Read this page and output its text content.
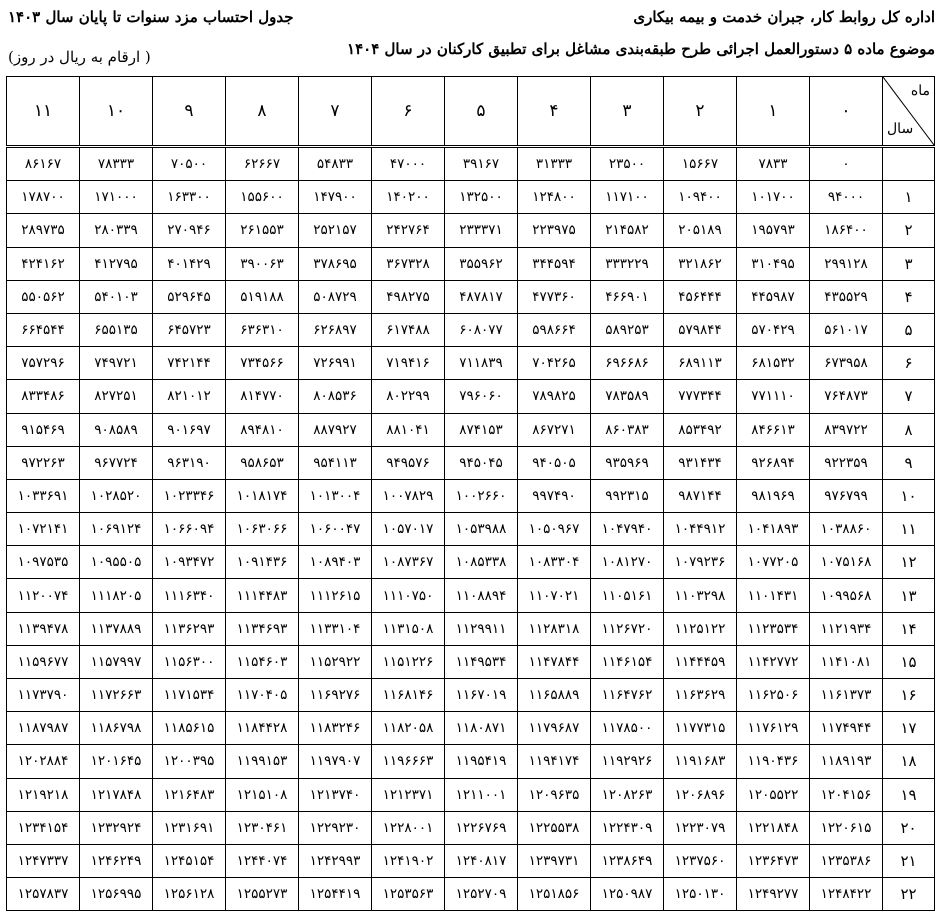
اداره کل روابط کار، جبران خدمت و بیمه بیکاری
جدول احتساب مزد سنوات تا پایان سال ۱۴۰۳
موضوع ماده ۵ دستورالعمل اجرائی طرح طبقه‌بندی مشاغل برای تطبیق کارکنان در سال ۱۴۰۴
( ارقام به ریال در روز)
ماه
سال	۰	۱	۲	۳	۴	۵	۶	۷	۸	۹	۱۰	۱۱
	۰	۷۸۳۳	۱۵۶۶۷	۲۳۵۰۰	۳۱۳۳۳	۳۹۱۶۷	۴۷۰۰۰	۵۴۸۳۳	۶۲۶۶۷	۷۰۵۰۰	۷۸۳۳۳	۸۶۱۶۷
۱	۹۴۰۰۰	۱۰۱۷۰۰	۱۰۹۴۰۰	۱۱۷۱۰۰	۱۲۴۸۰۰	۱۳۲۵۰۰	۱۴۰۲۰۰	۱۴۷۹۰۰	۱۵۵۶۰۰	۱۶۳۳۰۰	۱۷۱۰۰۰	۱۷۸۷۰۰
۲	۱۸۶۴۰۰	۱۹۵۷۹۳	۲۰۵۱۸۹	۲۱۴۵۸۲	۲۲۳۹۷۵	۲۳۳۳۷۱	۲۴۲۷۶۴	۲۵۲۱۵۷	۲۶۱۵۵۳	۲۷۰۹۴۶	۲۸۰۳۳۹	۲۸۹۷۳۵
۳	۲۹۹۱۲۸	۳۱۰۴۹۵	۳۲۱۸۶۲	۳۳۳۲۲۹	۳۴۴۵۹۴	۳۵۵۹۶۲	۳۶۷۳۲۸	۳۷۸۶۹۵	۳۹۰۰۶۳	۴۰۱۴۲۹	۴۱۲۷۹۵	۴۲۴۱۶۲
۴	۴۳۵۵۲۹	۴۴۵۹۸۷	۴۵۶۴۴۴	۴۶۶۹۰۱	۴۷۷۳۶۰	۴۸۷۸۱۷	۴۹۸۲۷۵	۵۰۸۷۲۹	۵۱۹۱۸۸	۵۲۹۶۴۵	۵۴۰۱۰۳	۵۵۰۵۶۲
۵	۵۶۱۰۱۷	۵۷۰۴۲۹	۵۷۹۸۴۴	۵۸۹۲۵۳	۵۹۸۶۶۴	۶۰۸۰۷۷	۶۱۷۴۸۸	۶۲۶۸۹۷	۶۳۶۳۱۰	۶۴۵۷۲۳	۶۵۵۱۳۵	۶۶۴۵۴۴
۶	۶۷۳۹۵۸	۶۸۱۵۳۲	۶۸۹۱۱۳	۶۹۶۶۸۶	۷۰۴۲۶۵	۷۱۱۸۳۹	۷۱۹۴۱۶	۷۲۶۹۹۱	۷۳۴۵۶۶	۷۴۲۱۴۴	۷۴۹۷۲۱	۷۵۷۲۹۶
۷	۷۶۴۸۷۳	۷۷۱۱۱۰	۷۷۷۳۴۴	۷۸۳۵۸۹	۷۸۹۸۲۵	۷۹۶۰۶۰	۸۰۲۲۹۹	۸۰۸۵۳۶	۸۱۴۷۷۰	۸۲۱۰۱۲	۸۲۷۲۵۱	۸۳۳۴۸۶
۸	۸۳۹۷۲۲	۸۴۶۶۱۳	۸۵۳۴۹۲	۸۶۰۳۸۳	۸۶۷۲۷۱	۸۷۴۱۵۳	۸۸۱۰۴۱	۸۸۷۹۲۷	۸۹۴۸۱۰	۹۰۱۶۹۷	۹۰۸۵۸۹	۹۱۵۴۶۹
۹	۹۲۲۳۵۹	۹۲۶۸۹۴	۹۳۱۴۳۴	۹۳۵۹۶۹	۹۴۰۵۰۵	۹۴۵۰۴۵	۹۴۹۵۷۶	۹۵۴۱۱۳	۹۵۸۶۵۳	۹۶۳۱۹۰	۹۶۷۷۲۴	۹۷۲۲۶۳
۱۰	۹۷۶۷۹۹	۹۸۱۹۶۹	۹۸۷۱۴۴	۹۹۲۳۱۵	۹۹۷۴۹۰	۱۰۰۲۶۶۰	۱۰۰۷۸۲۹	۱۰۱۳۰۰۴	۱۰۱۸۱۷۴	۱۰۲۳۳۴۶	۱۰۲۸۵۲۰	۱۰۳۳۶۹۱
۱۱	۱۰۳۸۸۶۰	۱۰۴۱۸۹۳	۱۰۴۴۹۱۲	۱۰۴۷۹۴۰	۱۰۵۰۹۶۷	۱۰۵۳۹۸۸	۱۰۵۷۰۱۷	۱۰۶۰۰۴۷	۱۰۶۳۰۶۶	۱۰۶۶۰۹۴	۱۰۶۹۱۲۴	۱۰۷۲۱۴۱
۱۲	۱۰۷۵۱۶۸	۱۰۷۷۲۰۵	۱۰۷۹۲۳۶	۱۰۸۱۲۷۰	۱۰۸۳۳۰۴	۱۰۸۵۳۳۸	۱۰۸۷۳۶۷	۱۰۸۹۴۰۳	۱۰۹۱۴۳۶	۱۰۹۳۴۷۲	۱۰۹۵۵۰۵	۱۰۹۷۵۳۵
۱۳	۱۰۹۹۵۶۸	۱۱۰۱۴۳۱	۱۱۰۳۲۹۸	۱۱۰۵۱۶۱	۱۱۰۷۰۲۱	۱۱۰۸۸۹۴	۱۱۱۰۷۵۰	۱۱۱۲۶۱۵	۱۱۱۴۴۸۳	۱۱۱۶۳۴۰	۱۱۱۸۲۰۵	۱۱۲۰۰۷۴
۱۴	۱۱۲۱۹۳۴	۱۱۲۳۵۳۴	۱۱۲۵۱۲۲	۱۱۲۶۷۲۰	۱۱۲۸۳۱۸	۱۱۲۹۹۱۱	۱۱۳۱۵۰۸	۱۱۳۳۱۰۴	۱۱۳۴۶۹۳	۱۱۳۶۲۹۳	۱۱۳۷۸۸۹	۱۱۳۹۴۷۸
۱۵	۱۱۴۱۰۸۱	۱۱۴۲۷۷۲	۱۱۴۴۴۵۹	۱۱۴۶۱۵۴	۱۱۴۷۸۴۴	۱۱۴۹۵۳۴	۱۱۵۱۲۲۶	۱۱۵۲۹۲۲	۱۱۵۴۶۰۳	۱۱۵۶۳۰۰	۱۱۵۷۹۹۷	۱۱۵۹۶۷۷
۱۶	۱۱۶۱۳۷۳	۱۱۶۲۵۰۶	۱۱۶۳۶۲۹	۱۱۶۴۷۶۲	۱۱۶۵۸۸۹	۱۱۶۷۰۱۹	۱۱۶۸۱۴۶	۱۱۶۹۲۷۶	۱۱۷۰۴۰۵	۱۱۷۱۵۳۴	۱۱۷۲۶۶۳	۱۱۷۳۷۹۰
۱۷	۱۱۷۴۹۴۴	۱۱۷۶۱۲۹	۱۱۷۷۳۱۵	۱۱۷۸۵۰۰	۱۱۷۹۶۸۷	۱۱۸۰۸۷۱	۱۱۸۲۰۵۸	۱۱۸۳۲۴۶	۱۱۸۴۴۲۸	۱۱۸۵۶۱۵	۱۱۸۶۷۹۸	۱۱۸۷۹۸۷
۱۸	۱۱۸۹۱۹۳	۱۱۹۰۴۳۶	۱۱۹۱۶۸۳	۱۱۹۲۹۲۶	۱۱۹۴۱۷۴	۱۱۹۵۴۱۹	۱۱۹۶۶۶۳	۱۱۹۷۹۰۷	۱۱۹۹۱۵۳	۱۲۰۰۳۹۵	۱۲۰۱۶۴۵	۱۲۰۲۸۸۴
۱۹	۱۲۰۴۱۵۶	۱۲۰۵۵۲۲	۱۲۰۶۸۹۶	۱۲۰۸۲۶۳	۱۲۰۹۶۳۵	۱۲۱۱۰۰۱	۱۲۱۲۳۷۱	۱۲۱۳۷۴۰	۱۲۱۵۱۰۸	۱۲۱۶۴۸۳	۱۲۱۷۸۴۸	۱۲۱۹۲۱۸
۲۰	۱۲۲۰۶۱۵	۱۲۲۱۸۴۸	۱۲۲۳۰۷۹	۱۲۲۴۳۰۹	۱۲۲۵۵۳۸	۱۲۲۶۷۶۹	۱۲۲۸۰۰۱	۱۲۲۹۲۳۰	۱۲۳۰۴۶۱	۱۲۳۱۶۹۱	۱۲۳۲۹۲۴	۱۲۳۴۱۵۴
۲۱	۱۲۳۵۳۸۶	۱۲۳۶۴۷۳	۱۲۳۷۵۶۰	۱۲۳۸۶۴۹	۱۲۳۹۷۳۱	۱۲۴۰۸۱۷	۱۲۴۱۹۰۲	۱۲۴۲۹۹۳	۱۲۴۴۰۷۴	۱۲۴۵۱۵۴	۱۲۴۶۲۴۹	۱۲۴۷۳۳۷
۲۲	۱۲۴۸۴۲۲	۱۲۴۹۲۷۷	۱۲۵۰۱۳۰	۱۲۵۰۹۸۷	۱۲۵۱۸۵۶	۱۲۵۲۷۰۹	۱۲۵۳۵۶۳	۱۲۵۴۴۱۹	۱۲۵۵۲۷۳	۱۲۵۶۱۲۸	۱۲۵۶۹۹۵	۱۲۵۷۸۳۷
